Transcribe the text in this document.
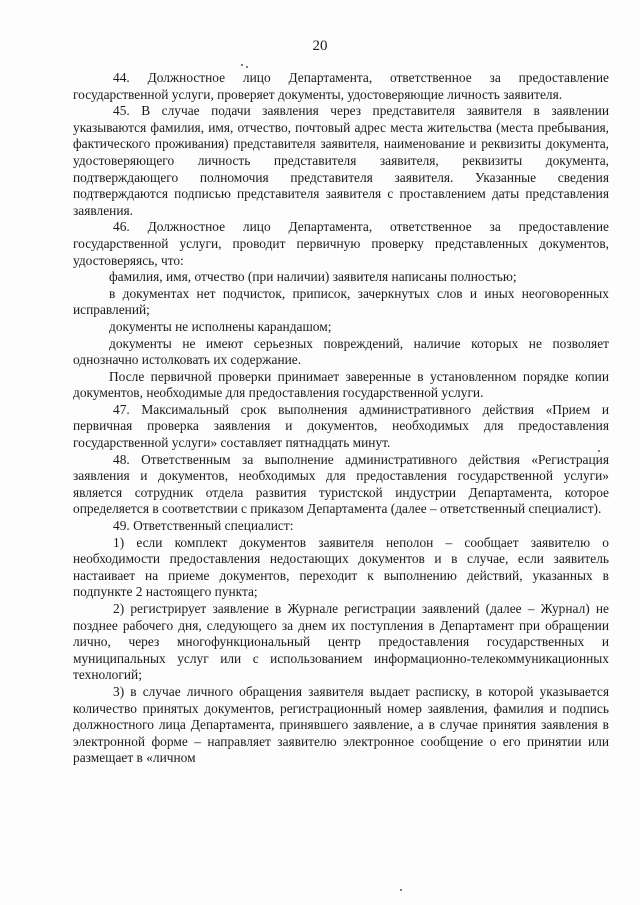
20

44. Должностное лицо Департамента, ответственное за предоставление государственной услуги, проверяет документы, удостоверяющие личность заявителя.

45. В случае подачи заявления через представителя заявителя в заявлении указываются фамилия, имя, отчество, почтовый адрес места жительства (места пребывания, фактического проживания) представителя заявителя, наименование и реквизиты документа, удостоверяющего личность представителя заявителя, реквизиты документа, подтверждающего полномочия представителя заявителя. Указанные сведения подтверждаются подписью представителя заявителя с проставлением даты представления заявления.

46. Должностное лицо Департамента, ответственное за предоставление государственной услуги, проводит первичную проверку представленных документов, удостоверяясь, что:

фамилия, имя, отчество (при наличии) заявителя написаны полностью;

в документах нет подчисток, приписок, зачеркнутых слов и иных неоговоренных исправлений;

документы не исполнены карандашом;

документы не имеют серьезных повреждений, наличие которых не позволяет однозначно истолковать их содержание.

После первичной проверки принимает заверенные в установленном порядке копии документов, необходимые для предоставления государственной услуги.

47. Максимальный срок выполнения административного действия «Прием и первичная проверка заявления и документов, необходимых для предоставления государственной услуги» составляет пятнадцать минут.

48. Ответственным за выполнение административного действия «Регистрация заявления и документов, необходимых для предоставления государственной услуги» является сотрудник отдела развития туристской индустрии Департамента, которое определяется в соответствии с приказом Департамента (далее – ответственный специалист).

49. Ответственный специалист:

1) если комплект документов заявителя неполон – сообщает заявителю о необходимости предоставления недостающих документов и в случае, если заявитель настаивает на приеме документов, переходит к выполнению действий, указанных в подпункте 2 настоящего пункта;

2) регистрирует заявление в Журнале регистрации заявлений (далее – Журнал) не позднее рабочего дня, следующего за днем их поступления в Департамент при обращении лично, через многофункциональный центр предоставления государственных и муниципальных услуг или с использованием информационно-телекоммуникационных технологий;

3) в случае личного обращения заявителя выдает расписку, в которой указывается количество принятых документов, регистрационный номер заявления, фамилия и подпись должностного лица Департамента, принявшего заявление, а в случае принятия заявления в электронной форме – направляет заявителю электронное сообщение о его принятии или размещает в «личном
